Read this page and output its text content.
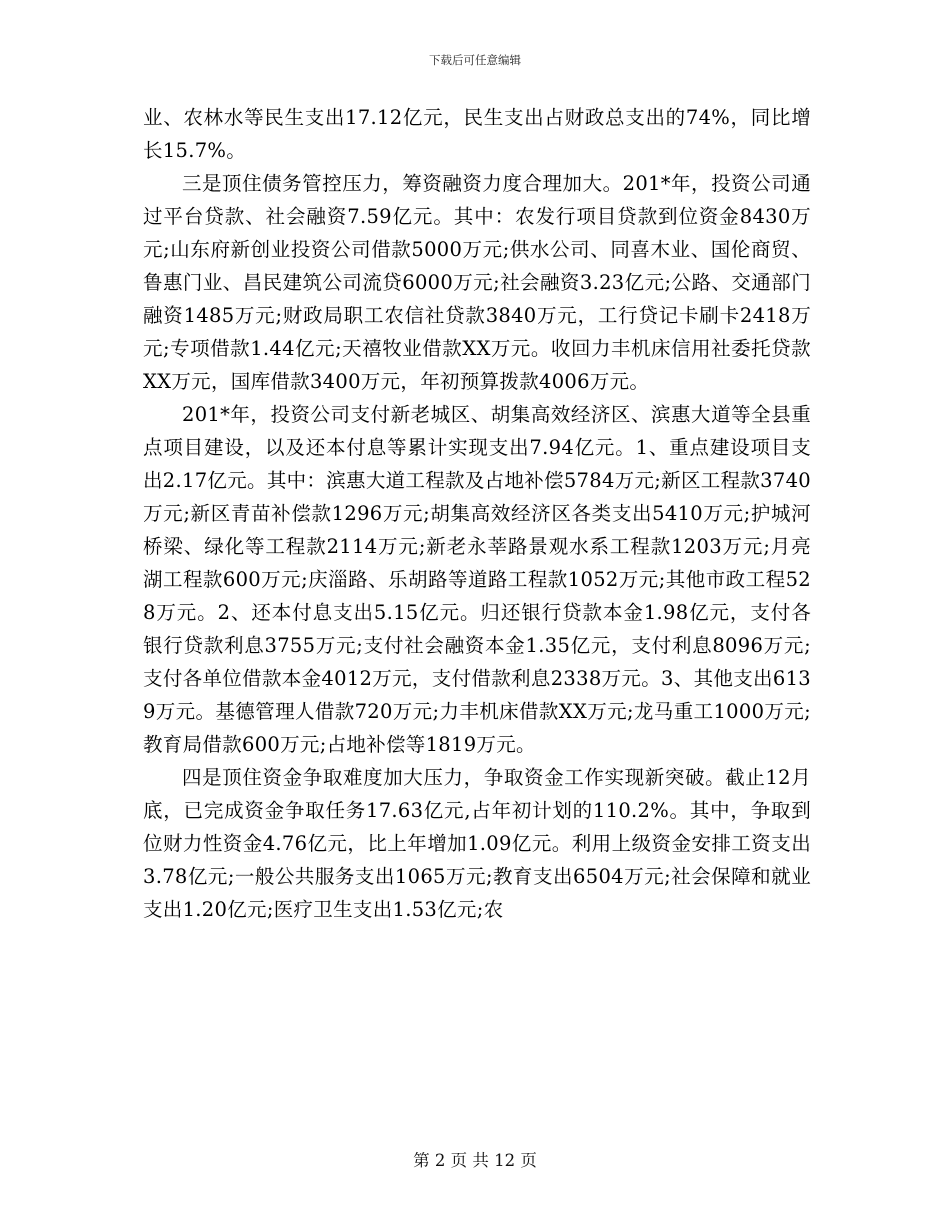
下载后可任意编辑

业、农林水等民生支出17.12亿元，民生支出占财政总支出的74%，同比增长15.7%。

三是顶住债务管控压力，筹资融资力度合理加大。201*年，投资公司通过平台贷款、社会融资7.59亿元。其中：农发行项目贷款到位资金8430万元;山东府新创业投资公司借款5000万元;供水公司、同喜木业、国伦商贸、鲁惠门业、昌民建筑公司流贷6000万元;社会融资3.23亿元;公路、交通部门融资1485万元;财政局职工农信社贷款3840万元，工行贷记卡刷卡2418万元;专项借款1.44亿元;天禧牧业借款XX万元。收回力丰机床信用社委托贷款XX万元，国库借款3400万元，年初预算拨款4006万元。

201*年，投资公司支付新老城区、胡集高效经济区、滨惠大道等全县重点项目建设，以及还本付息等累计实现支出7.94亿元。1、重点建设项目支出2.17亿元。其中：滨惠大道工程款及占地补偿5784万元;新区工程款3740万元;新区青苗补偿款1296万元;胡集高效经济区各类支出5410万元;护城河桥梁、绿化等工程款2114万元;新老永莘路景观水系工程款1203万元;月亮湖工程款600万元;庆淄路、乐胡路等道路工程款1052万元;其他市政工程528万元。2、还本付息支出5.15亿元。归还银行贷款本金1.98亿元，支付各银行贷款利息3755万元;支付社会融资本金1.35亿元，支付利息8096万元;支付各单位借款本金4012万元，支付借款利息2338万元。3、其他支出6139万元。基德管理人借款720万元;力丰机床借款XX万元;龙马重工1000万元;教育局借款600万元;占地补偿等1819万元。

四是顶住资金争取难度加大压力，争取资金工作实现新突破。截止12月底，已完成资金争取任务17.63亿元,占年初计划的110.2%。其中，争取到位财力性资金4.76亿元，比上年增加1.09亿元。利用上级资金安排工资支出3.78亿元;一般公共服务支出1065万元;教育支出6504万元;社会保障和就业支出1.20亿元;医疗卫生支出1.53亿元;农

第 2 页 共 12 页
